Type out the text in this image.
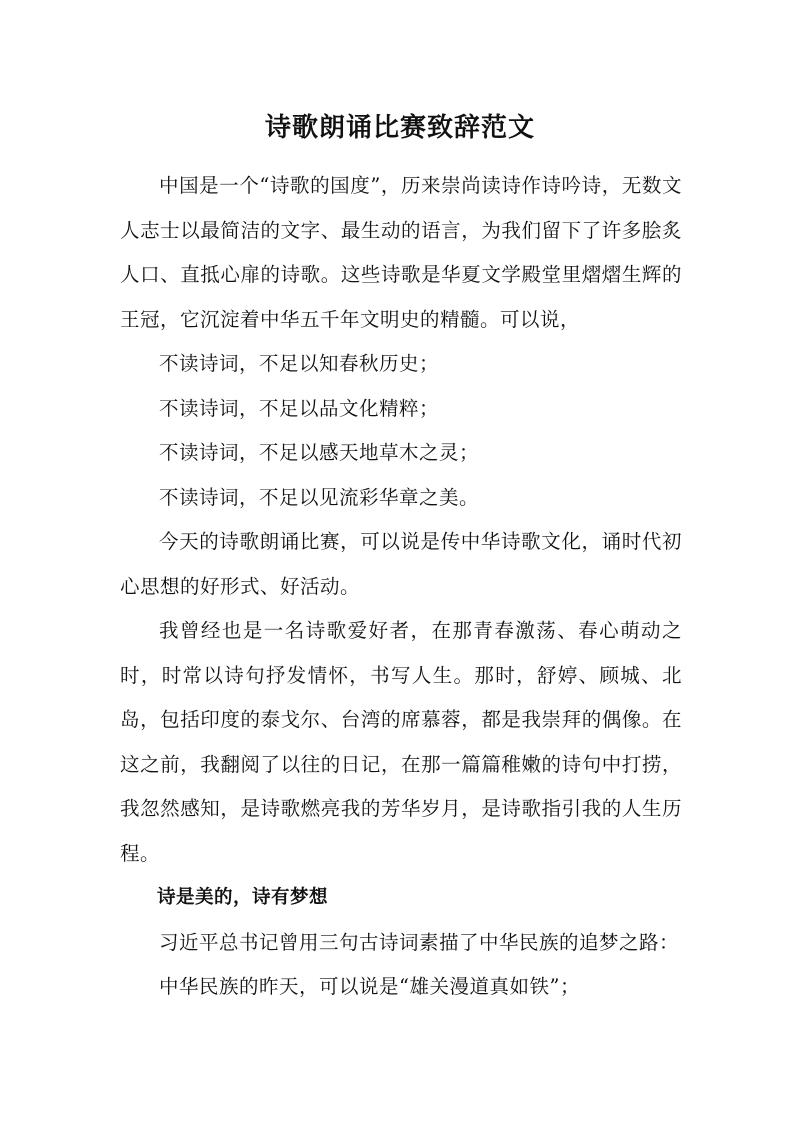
诗歌朗诵比赛致辞范文

中国是一个“诗歌的国度”，历来崇尚读诗作诗吟诗，无数文人志士以最简洁的文字、最生动的语言，为我们留下了许多脍炙人口、直抵心扉的诗歌。这些诗歌是华夏文学殿堂里熠熠生辉的王冠，它沉淀着中华五千年文明史的精髓。可以说，

不读诗词，不足以知春秋历史；

不读诗词，不足以品文化精粹；

不读诗词，不足以感天地草木之灵；

不读诗词，不足以见流彩华章之美。

今天的诗歌朗诵比赛，可以说是传中华诗歌文化，诵时代初心思想的好形式、好活动。

我曾经也是一名诗歌爱好者，在那青春激荡、春心萌动之时，时常以诗句抒发情怀，书写人生。那时，舒婷、顾城、北岛，包括印度的泰戈尔、台湾的席慕蓉，都是我崇拜的偶像。在这之前，我翻阅了以往的日记，在那一篇篇稚嫩的诗句中打捞，我忽然感知，是诗歌燃亮我的芳华岁月，是诗歌指引我的人生历程。

诗是美的，诗有梦想

习近平总书记曾用三句古诗词素描了中华民族的追梦之路：

中华民族的昨天，可以说是“雄关漫道真如铁”；
